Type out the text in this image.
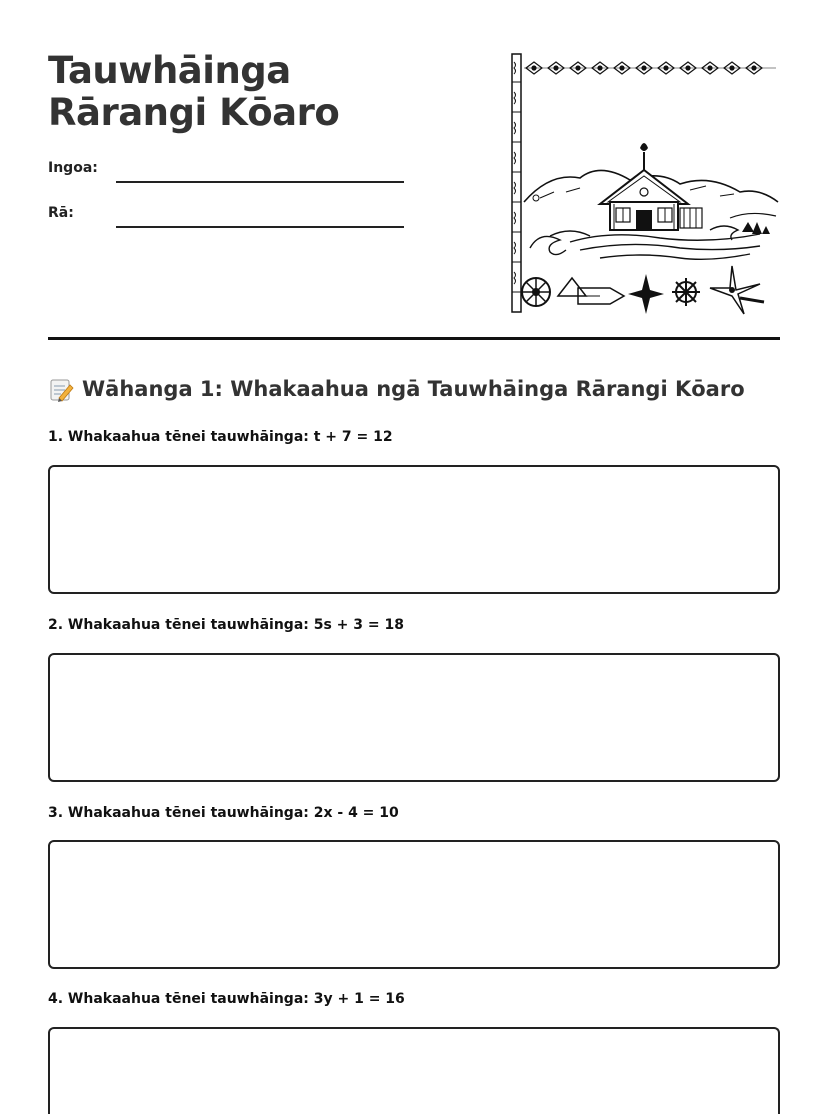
Tauwhāinga Rārangi Kōaro
Ingoa:
Rā:
Wāhanga 1: Whakaahua ngā Tauwhāinga Rārangi Kōaro
1. Whakaahua tēnei tauwhāinga: t + 7 = 12
2. Whakaahua tēnei tauwhāinga: 5s + 3 = 18
3. Whakaahua tēnei tauwhāinga: 2x - 4 = 10
4. Whakaahua tēnei tauwhāinga: 3y + 1 = 16
